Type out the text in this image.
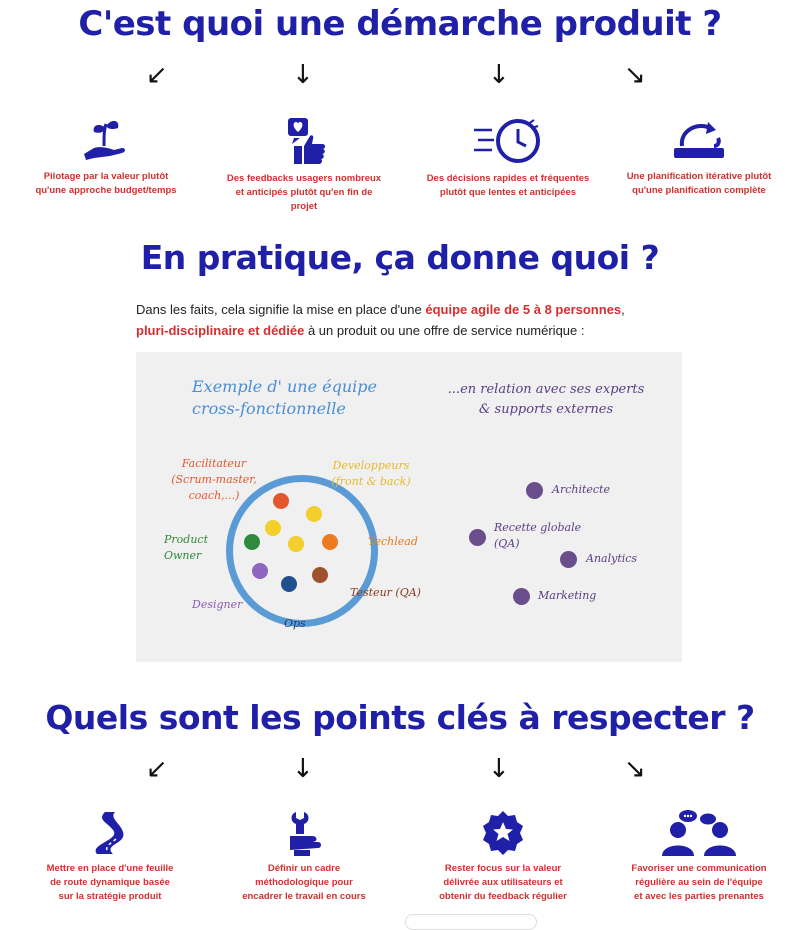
C'est quoi une démarche produit ?
↙	↓	↓	↘

Pilotage par la valeur plutôt
qu'une approche budget/temps

Des feedbacks usagers nombreux
et anticipés plutôt qu'en fin de
projet

Des décisions rapides et fréquentes
plutôt que lentes et anticipées

Une planification itérative plutôt
qu'une planification complète

En pratique, ça donne quoi ?

Dans les faits, cela signifie la mise en place d'une équipe agile de 5 à 8 personnes,
pluri-disciplinaire et dédiée à un produit ou une offre de service numérique :

Exemple d' une équipe
cross-fonctionnelle
...en relation avec ses experts
& supports externes
Facilitateur
(Scrum-master,
coach,...)
Developpeurs
(front & back)
Product
Owner
Techlead
Designer
Testeur (QA)
Ops
Architecte
Recette globale
(QA)
Analytics
Marketing
Quels sont les points clés à respecter ?
↙	↓	↓	↘

Mettre en place d'une feuille
de route dynamique basée
sur la stratégie produit

Définir un cadre
méthodologique pour
encadrer le travail en cours

Rester focus sur la valeur
délivrée aux utilisateurs et
obtenir du feedback régulier

Favoriser une communication
régulière au sein de l'équipe
et avec les parties prenantes
